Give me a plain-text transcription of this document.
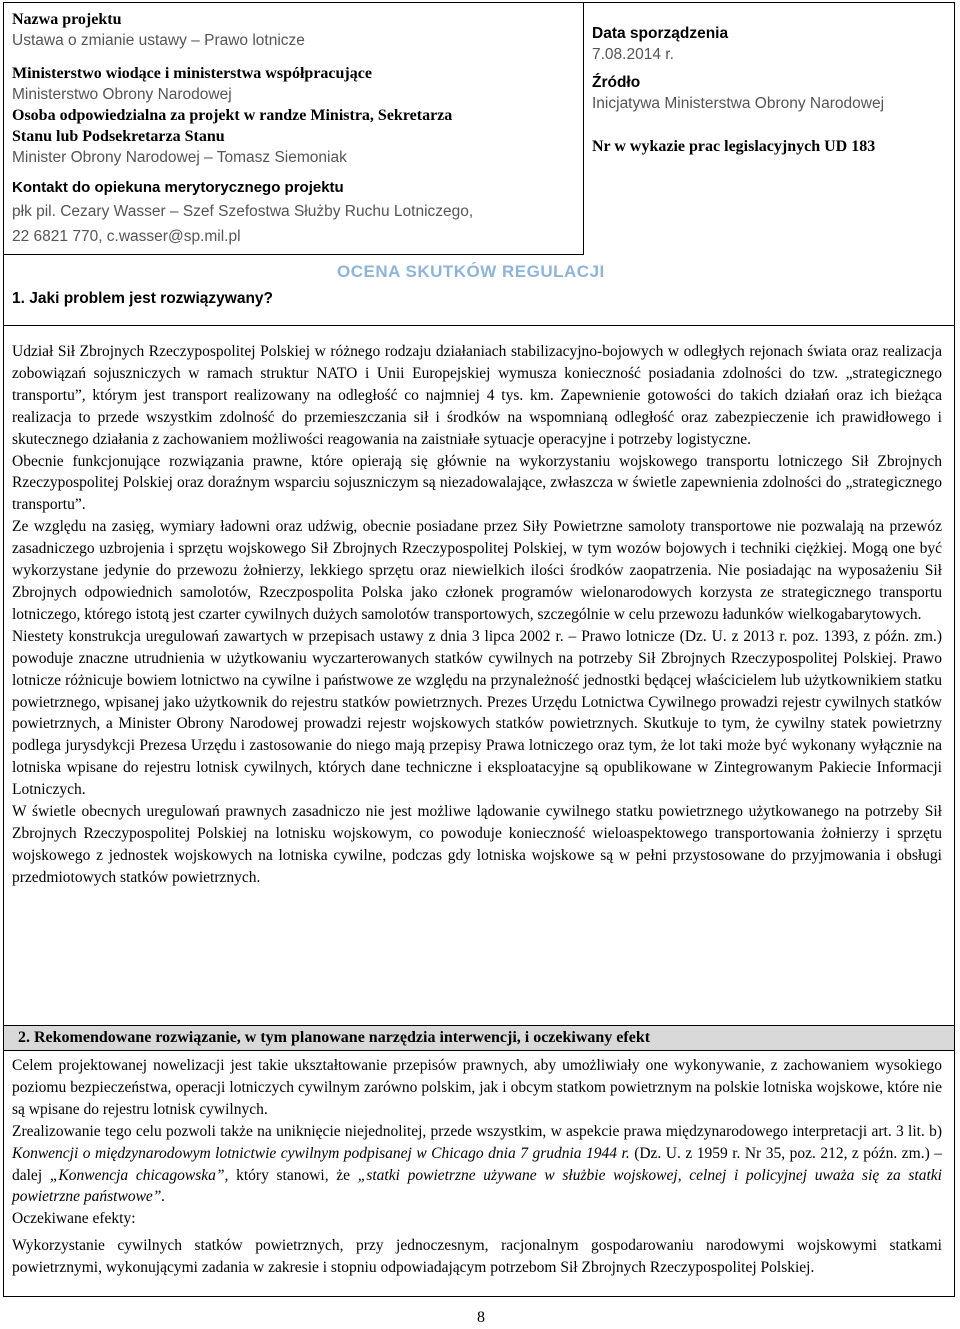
Nazwa projektu
Ustawa o zmianie ustawy – Prawo lotnicze
Ministerstwo wiodące i ministerstwa współpracujące
Ministerstwo Obrony Narodowej
Osoba odpowiedzialna za projekt w randze Ministra, Sekretarza
Stanu lub Podsekretarza Stanu
Minister Obrony Narodowej – Tomasz Siemoniak
Kontakt do opiekuna merytorycznego projektu
płk pil. Cezary Wasser – Szef Szefostwa Służby Ruchu Lotniczego,
22 6821 770, c.wasser@sp.mil.pl
Data sporządzenia
7.08.2014 r.
Źródło
Inicjatywa Ministerstwa Obrony Narodowej
Nr w wykazie prac legislacyjnych UD 183
OCENA SKUTKÓW REGULACJI
1. Jaki problem jest rozwiązywany?

Udział Sił Zbrojnych Rzeczypospolitej Polskiej w różnego rodzaju działaniach stabilizacyjno-bojowych w odległych rejonach świata oraz realizacja zobowiązań sojuszniczych w ramach struktur NATO i Unii Europejskiej wymusza konieczność posiadania zdolności do tzw. „strategicznego transportu”, którym jest transport realizowany na odległość co najmniej 4 tys. km. Zapewnienie gotowości do takich działań oraz ich bieżąca realizacja to przede wszystkim zdolność do przemieszczania sił i środków na wspomnianą odległość oraz zabezpieczenie ich prawidłowego i skutecznego działania z zachowaniem możliwości reagowania na zaistniałe sytuacje operacyjne i potrzeby logistyczne.

Obecnie funkcjonujące rozwiązania prawne, które opierają się głównie na wykorzystaniu wojskowego transportu lotniczego Sił Zbrojnych Rzeczypospolitej Polskiej oraz doraźnym wsparciu sojuszniczym są niezadowalające, zwłaszcza w świetle zapewnienia zdolności do „strategicznego transportu”.

Ze względu na zasięg, wymiary ładowni oraz udźwig, obecnie posiadane przez Siły Powietrzne samoloty transportowe nie pozwalają na przewóz zasadniczego uzbrojenia i sprzętu wojskowego Sił Zbrojnych Rzeczypospolitej Polskiej, w tym wozów bojowych i techniki ciężkiej. Mogą one być wykorzystane jedynie do przewozu żołnierzy, lekkiego sprzętu oraz niewielkich ilości środków zaopatrzenia. Nie posiadając na wyposażeniu Sił Zbrojnych odpowiednich samolotów, Rzeczpospolita Polska jako członek programów wielonarodowych korzysta ze strategicznego transportu lotniczego, którego istotą jest czarter cywilnych dużych samolotów transportowych, szczególnie w celu przewozu ładunków wielkogabarytowych.

Niestety konstrukcja uregulowań zawartych w przepisach ustawy z dnia 3 lipca 2002 r. – Prawo lotnicze (Dz. U. z 2013 r. poz. 1393, z późn. zm.) powoduje znaczne utrudnienia w użytkowaniu wyczarterowanych statków cywilnych na potrzeby Sił Zbrojnych Rzeczypospolitej Polskiej. Prawo lotnicze różnicuje bowiem lotnictwo na cywilne i państwowe ze względu na przynależność jednostki będącej właścicielem lub użytkownikiem statku powietrznego, wpisanej jako użytkownik do rejestru statków powietrznych. Prezes Urzędu Lotnictwa Cywilnego prowadzi rejestr cywilnych statków powietrznych, a Minister Obrony Narodowej prowadzi rejestr wojskowych statków powietrznych. Skutkuje to tym, że cywilny statek powietrzny podlega jurysdykcji Prezesa Urzędu i zastosowanie do niego mają przepisy Prawa lotniczego oraz tym, że lot taki może być wykonany wyłącznie na lotniska wpisane do rejestru lotnisk cywilnych, których dane techniczne i eksploatacyjne są opublikowane w Zintegrowanym Pakiecie Informacji Lotniczych.

W świetle obecnych uregulowań prawnych zasadniczo nie jest możliwe lądowanie cywilnego statku powietrznego użytkowanego na potrzeby Sił Zbrojnych Rzeczypospolitej Polskiej na lotnisku wojskowym, co powoduje konieczność wieloaspektowego transportowania żołnierzy i sprzętu wojskowego z jednostek wojskowych na lotniska cywilne, podczas gdy lotniska wojskowe są w pełni przystosowane do przyjmowania i obsługi przedmiotowych statków powietrznych.

2. Rekomendowane rozwiązanie, w tym planowane narzędzia interwencji, i oczekiwany efekt

Celem projektowanej nowelizacji jest takie ukształtowanie przepisów prawnych, aby umożliwiały one wykonywanie, z zachowaniem wysokiego poziomu bezpieczeństwa, operacji lotniczych cywilnym zarówno polskim, jak i obcym statkom powietrznym na polskie lotniska wojskowe, które nie są wpisane do rejestru lotnisk cywilnych.

Zrealizowanie tego celu pozwoli także na uniknięcie niejednolitej, przede wszystkim, w aspekcie prawa międzynarodowego interpretacji art. 3 lit. b) Konwencji o międzynarodowym lotnictwie cywilnym podpisanej w Chicago dnia 7 grudnia 1944 r. (Dz. U. z 1959 r. Nr 35, poz. 212, z późn. zm.) – dalej „Konwencja chicagowska”, który stanowi, że „statki powietrzne używane w służbie wojskowej, celnej i policyjnej uważa się za statki powietrzne państwowe”.

Oczekiwane efekty:

Wykorzystanie cywilnych statków powietrznych, przy jednoczesnym, racjonalnym gospodarowaniu narodowymi wojskowymi statkami powietrznymi, wykonującymi zadania w zakresie i stopniu odpowiadającym potrzebom Sił Zbrojnych Rzeczypospolitej Polskiej.

8
